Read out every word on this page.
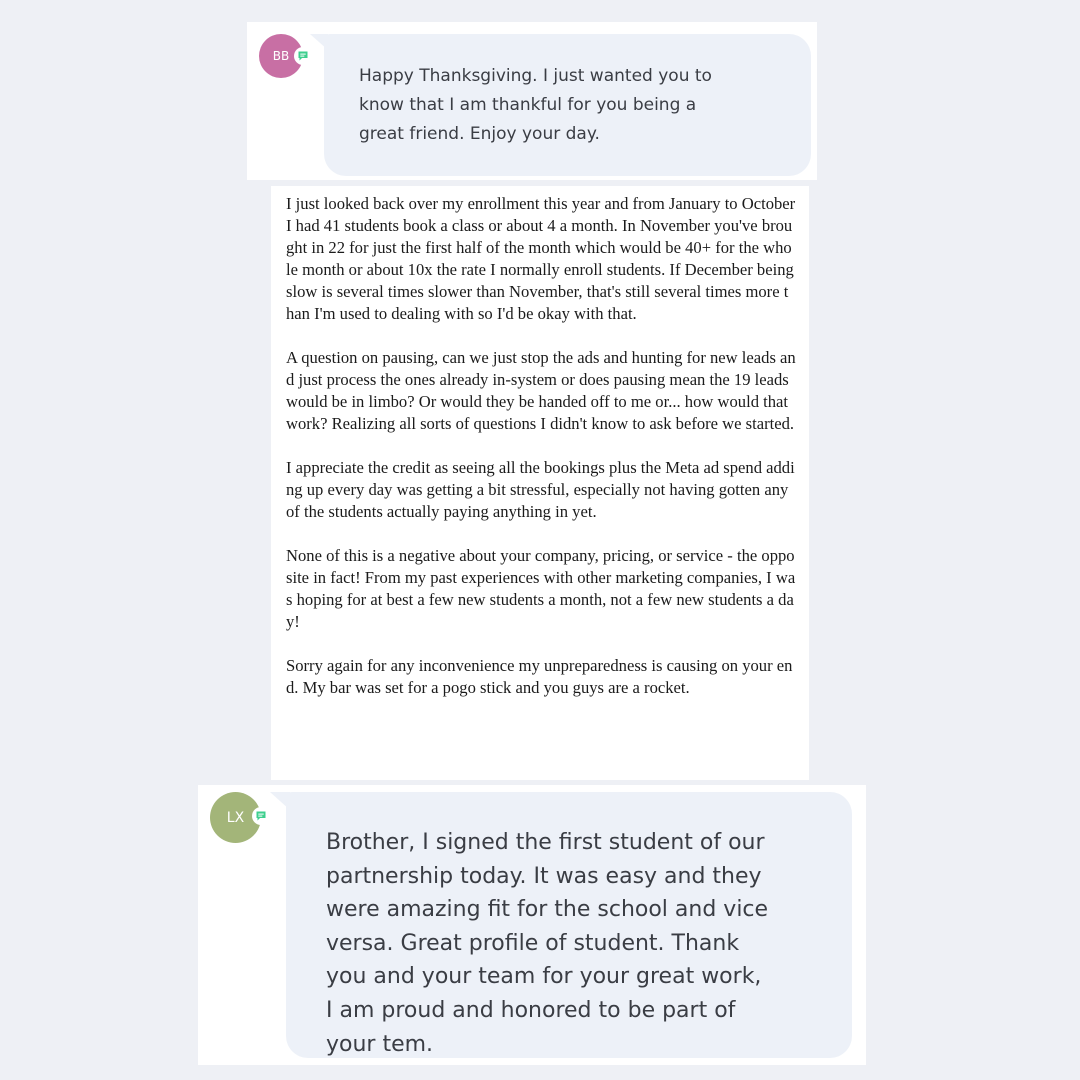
BB
Happy Thanksgiving. I just wanted you to know that I am thankful for you being a great friend. Enjoy your day.

I just looked back over my enrollment this year and from January to October I had 41 students book a class or about 4 a month. In November you've brought in 22 for just the first half of the month which would be 40+ for the whole month or about 10x the rate I normally enroll students. If December being slow is several times slower than November, that's still several times more than I'm used to dealing with so I'd be okay with that.

A question on pausing, can we just stop the ads and hunting for new leads and just process the ones already in-system or does pausing mean the 19 leads would be in limbo? Or would they be handed off to me or... how would that work? Realizing all sorts of questions I didn't know to ask before we started.

I appreciate the credit as seeing all the bookings plus the Meta ad spend adding up every day was getting a bit stressful, especially not having gotten any of the students actually paying anything in yet.

None of this is a negative about your company, pricing, or service - the opposite in fact! From my past experiences with other marketing companies, I was hoping for at best a few new students a month, not a few new students a day!

Sorry again for any inconvenience my unpreparedness is causing on your end. My bar was set for a pogo stick and you guys are a rocket.

LX
Brother, I signed the first student of our partnership today. It was easy and they were amazing fit for the school and vice versa. Great profile of student. Thank you and your team for your great work, I am proud and honored to be part of your tem.
